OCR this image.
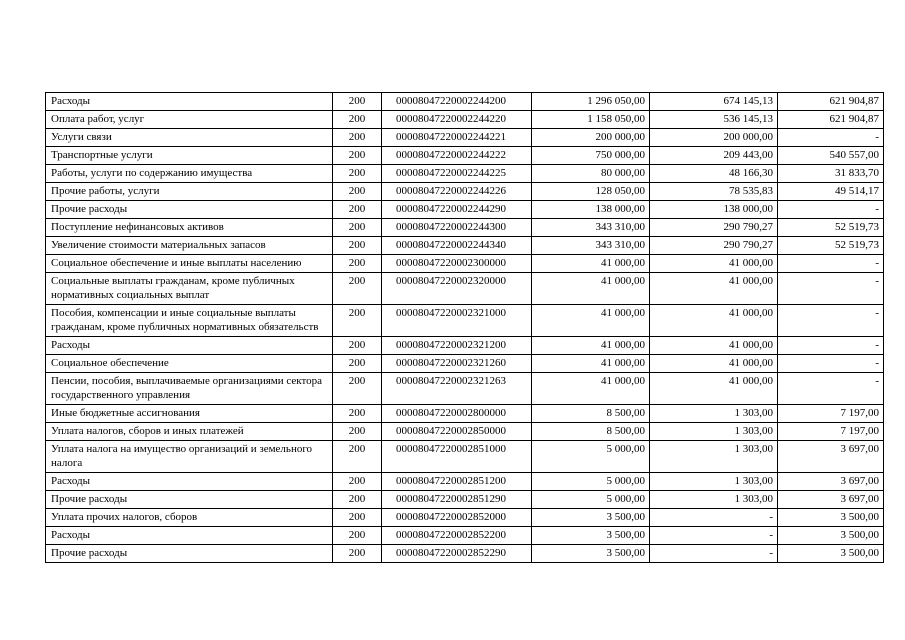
Расходы	200	00008047220002244200	1 296 050,00	674 145,13	621 904,87
Оплата работ, услуг	200	00008047220002244220	1 158 050,00	536 145,13	621 904,87
Услуги связи	200	00008047220002244221	200 000,00	200 000,00	-
Транспортные услуги	200	00008047220002244222	750 000,00	209 443,00	540 557,00
Работы, услуги по содержанию имущества	200	00008047220002244225	80 000,00	48 166,30	31 833,70
Прочие работы, услуги	200	00008047220002244226	128 050,00	78 535,83	49 514,17
Прочие расходы	200	00008047220002244290	138 000,00	138 000,00	-
Поступление нефинансовых активов	200	00008047220002244300	343 310,00	290 790,27	52 519,73
Увеличение стоимости материальных запасов	200	00008047220002244340	343 310,00	290 790,27	52 519,73
Социальное обеспечение и иные выплаты населению	200	00008047220002300000	41 000,00	41 000,00	-
Социальные выплаты гражданам, кроме публичных нормативных социальных выплат	200	00008047220002320000	41 000,00	41 000,00	-
Пособия, компенсации и иные социальные выплаты гражданам, кроме публичных нормативных обязательств	200	00008047220002321000	41 000,00	41 000,00	-
Расходы	200	00008047220002321200	41 000,00	41 000,00	-
Социальное обеспечение	200	00008047220002321260	41 000,00	41 000,00	-
Пенсии, пособия, выплачиваемые организациями сектора государственного управления	200	00008047220002321263	41 000,00	41 000,00	-
Иные бюджетные ассигнования	200	00008047220002800000	8 500,00	1 303,00	7 197,00
Уплата налогов, сборов и иных платежей	200	00008047220002850000	8 500,00	1 303,00	7 197,00
Уплата налога на имущество организаций и земельного налога	200	00008047220002851000	5 000,00	1 303,00	3 697,00
Расходы	200	00008047220002851200	5 000,00	1 303,00	3 697,00
Прочие расходы	200	00008047220002851290	5 000,00	1 303,00	3 697,00
Уплата прочих налогов, сборов	200	00008047220002852000	3 500,00	-	3 500,00
Расходы	200	00008047220002852200	3 500,00	-	3 500,00
Прочие расходы	200	00008047220002852290	3 500,00	-	3 500,00
